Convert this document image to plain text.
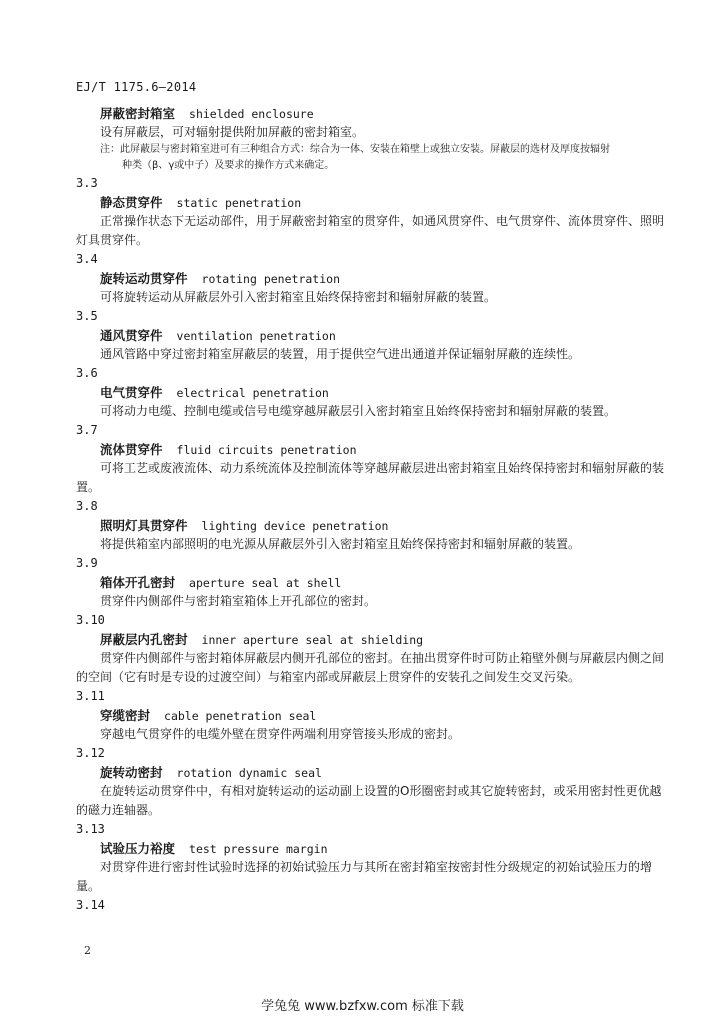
EJ/T 1175.6—2014
屏蔽密封箱室 shielded enclosure

设有屏蔽层，可对辐射提供附加屏蔽的密封箱室。

注：此屏蔽层与密封箱室进可有三种组合方式：综合为一体、安装在箱壁上或独立安装。屏蔽层的选材及厚度按辐射
种类（β、γ或中子）及要求的操作方式来确定。

3.3
静态贯穿件 static penetration

正常操作状态下无运动部件，用于屏蔽密封箱室的贯穿件，如通风贯穿件、电气贯穿件、流体贯穿件、照明灯具贯穿件。

3.4
旋转运动贯穿件 rotating penetration

可将旋转运动从屏蔽层外引入密封箱室且始终保持密封和辐射屏蔽的装置。

3.5
通风贯穿件 ventilation penetration

通风管路中穿过密封箱室屏蔽层的装置，用于提供空气进出通道并保证辐射屏蔽的连续性。

3.6
电气贯穿件 electrical penetration

可将动力电缆、控制电缆或信号电缆穿越屏蔽层引入密封箱室且始终保持密封和辐射屏蔽的装置。

3.7
流体贯穿件 fluid circuits penetration

可将工艺或废液流体、动力系统流体及控制流体等穿越屏蔽层进出密封箱室且始终保持密封和辐射屏蔽的装置。

3.8
照明灯具贯穿件 lighting device penetration

将提供箱室内部照明的电光源从屏蔽层外引入密封箱室且始终保持密封和辐射屏蔽的装置。

3.9
箱体开孔密封 aperture seal at shell

贯穿件内侧部件与密封箱室箱体上开孔部位的密封。

3.10
屏蔽层内孔密封 inner aperture seal at shielding

贯穿件内侧部件与密封箱体屏蔽层内侧开孔部位的密封。在抽出贯穿件时可防止箱壁外侧与屏蔽层内侧之间的空间（它有时是专设的过渡空间）与箱室内部或屏蔽层上贯穿件的安装孔之间发生交叉污染。

3.11
穿缆密封 cable penetration seal

穿越电气贯穿件的电缆外壁在贯穿件两端利用穿管接头形成的密封。

3.12
旋转动密封 rotation dynamic seal

在旋转运动贯穿件中，有相对旋转运动的运动副上设置的O形圈密封或其它旋转密封，或采用密封性更优越的磁力连轴器。

3.13
试验压力裕度 test pressure margin

对贯穿件进行密封性试验时选择的初始试验压力与其所在密封箱室按密封性分级规定的初始试验压力的增量。

3.14
2
学兔兔 www.bzfxw.com 标准下载
